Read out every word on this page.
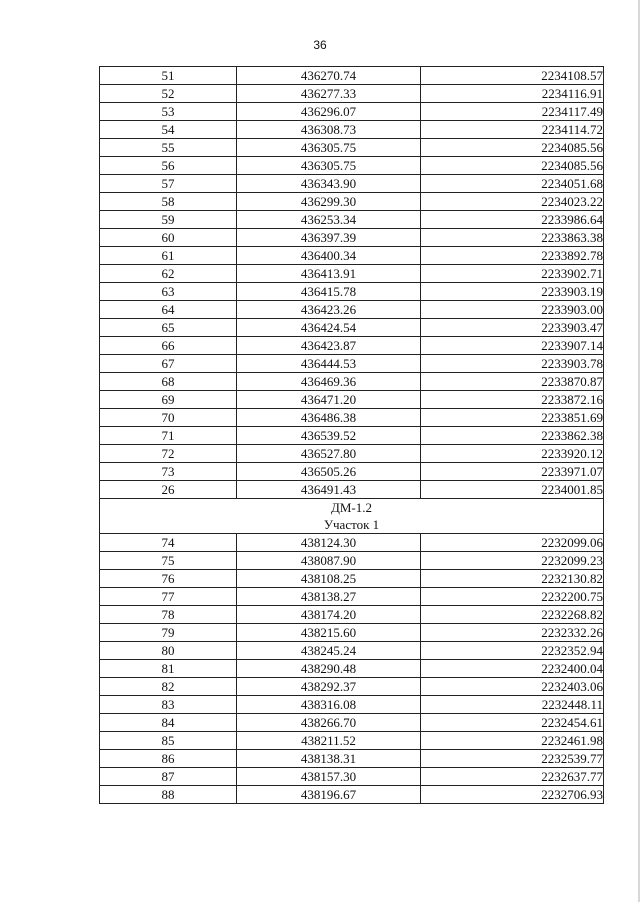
36
51	436270.74	2234108.57
52	436277.33	2234116.91
53	436296.07	2234117.49
54	436308.73	2234114.72
55	436305.75	2234085.56
56	436305.75	2234085.56
57	436343.90	2234051.68
58	436299.30	2234023.22
59	436253.34	2233986.64
60	436397.39	2233863.38
61	436400.34	2233892.78
62	436413.91	2233902.71
63	436415.78	2233903.19
64	436423.26	2233903.00
65	436424.54	2233903.47
66	436423.87	2233907.14
67	436444.53	2233903.78
68	436469.36	2233870.87
69	436471.20	2233872.16
70	436486.38	2233851.69
71	436539.52	2233862.38
72	436527.80	2233920.12
73	436505.26	2233971.07
26	436491.43	2234001.85

ДМ-1.2
Участок 1		

74	438124.30	2232099.06
75	438087.90	2232099.23
76	438108.25	2232130.82
77	438138.27	2232200.75
78	438174.20	2232268.82
79	438215.60	2232332.26
80	438245.24	2232352.94
81	438290.48	2232400.04
82	438292.37	2232403.06
83	438316.08	2232448.11
84	438266.70	2232454.61
85	438211.52	2232461.98
86	438138.31	2232539.77
87	438157.30	2232637.77
88	438196.67	2232706.93
